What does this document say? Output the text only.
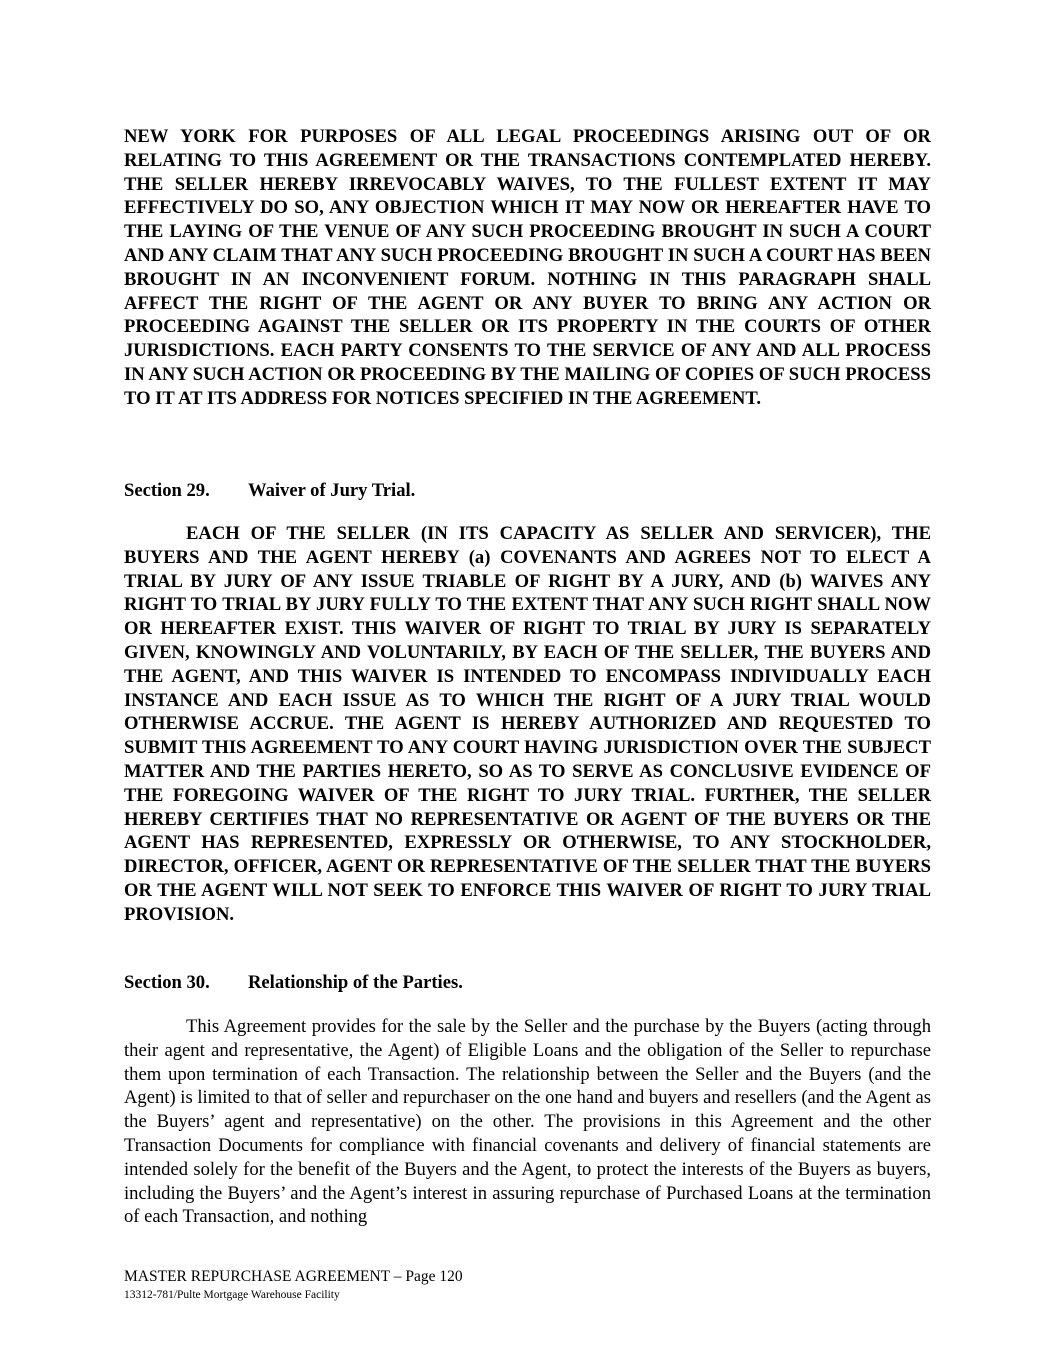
NEW YORK FOR PURPOSES OF ALL LEGAL PROCEEDINGS ARISING OUT OF OR RELATING TO THIS AGREEMENT OR THE TRANSACTIONS CONTEMPLATED HEREBY. THE SELLER HEREBY IRREVOCABLY WAIVES, TO THE FULLEST EXTENT IT MAY EFFECTIVELY DO SO, ANY OBJECTION WHICH IT MAY NOW OR HEREAFTER HAVE TO THE LAYING OF THE VENUE OF ANY SUCH PROCEEDING BROUGHT IN SUCH A COURT AND ANY CLAIM THAT ANY SUCH PROCEEDING BROUGHT IN SUCH A COURT HAS BEEN BROUGHT IN AN INCONVENIENT FORUM. NOTHING IN THIS PARAGRAPH SHALL AFFECT THE RIGHT OF THE AGENT OR ANY BUYER TO BRING ANY ACTION OR PROCEEDING AGAINST THE SELLER OR ITS PROPERTY IN THE COURTS OF OTHER JURISDICTIONS. EACH PARTY CONSENTS TO THE SERVICE OF ANY AND ALL PROCESS IN ANY SUCH ACTION OR PROCEEDING BY THE MAILING OF COPIES OF SUCH PROCESS TO IT AT ITS ADDRESS FOR NOTICES SPECIFIED IN THE AGREEMENT.

Section 29. Waiver of Jury Trial.

EACH OF THE SELLER (IN ITS CAPACITY AS SELLER AND SERVICER), THE BUYERS AND THE AGENT HEREBY (a) COVENANTS AND AGREES NOT TO ELECT A TRIAL BY JURY OF ANY ISSUE TRIABLE OF RIGHT BY A JURY, AND (b) WAIVES ANY RIGHT TO TRIAL BY JURY FULLY TO THE EXTENT THAT ANY SUCH RIGHT SHALL NOW OR HEREAFTER EXIST. THIS WAIVER OF RIGHT TO TRIAL BY JURY IS SEPARATELY GIVEN, KNOWINGLY AND VOLUNTARILY, BY EACH OF THE SELLER, THE BUYERS AND THE AGENT, AND THIS WAIVER IS INTENDED TO ENCOMPASS INDIVIDUALLY EACH INSTANCE AND EACH ISSUE AS TO WHICH THE RIGHT OF A JURY TRIAL WOULD OTHERWISE ACCRUE. THE AGENT IS HEREBY AUTHORIZED AND REQUESTED TO SUBMIT THIS AGREEMENT TO ANY COURT HAVING JURISDICTION OVER THE SUBJECT MATTER AND THE PARTIES HERETO, SO AS TO SERVE AS CONCLUSIVE EVIDENCE OF THE FOREGOING WAIVER OF THE RIGHT TO JURY TRIAL. FURTHER, THE SELLER HEREBY CERTIFIES THAT NO REPRESENTATIVE OR AGENT OF THE BUYERS OR THE AGENT HAS REPRESENTED, EXPRESSLY OR OTHERWISE, TO ANY STOCKHOLDER, DIRECTOR, OFFICER, AGENT OR REPRESENTATIVE OF THE SELLER THAT THE BUYERS OR THE AGENT WILL NOT SEEK TO ENFORCE THIS WAIVER OF RIGHT TO JURY TRIAL PROVISION.

Section 30. Relationship of the Parties.

This Agreement provides for the sale by the Seller and the purchase by the Buyers (acting through their agent and representative, the Agent) of Eligible Loans and the obligation of the Seller to repurchase them upon termination of each Transaction. The relationship between the Seller and the Buyers (and the Agent) is limited to that of seller and repurchaser on the one hand and buyers and resellers (and the Agent as the Buyers’ agent and representative) on the other. The provisions in this Agreement and the other Transaction Documents for compliance with financial covenants and delivery of financial statements are intended solely for the benefit of the Buyers and the Agent, to protect the interests of the Buyers as buyers, including the Buyers’ and the Agent’s interest in assuring repurchase of Purchased Loans at the termination of each Transaction, and nothing

MASTER REPURCHASE AGREEMENT – Page 120

13312-781/Pulte Mortgage Warehouse Facility
